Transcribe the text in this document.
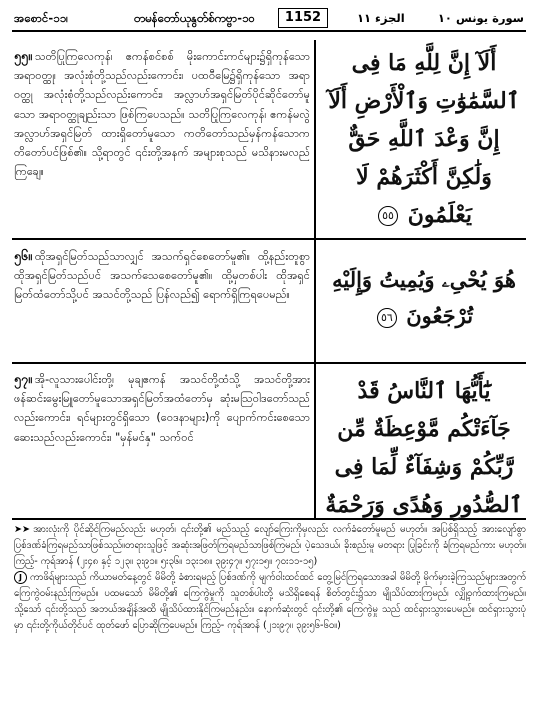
အစောင်-၁၁၊	တမန်တော်ယုနွတ်စ်ကဗ္ဗာ-၁၀	1152	الجزء ١١	سورة يونس ١٠
၅၅။ သတိပြုကြလေကုန်၊ ဧကန်စင်စစ် မိုးကောင်းကင်များ၌ရှိကုန်သော အရာဝတ္ထု၊ အလုံးစုံတို့သည်လည်းကောင်း၊ ပထဝီမြေ၌ရှိကုန်သော အရာဝတ္ထု အလုံးစုံတို့သည်လည်းကောင်း၊ အလ္လာဟ်အရှင်မြတ်ပိုင်ဆိုင်တော်မူသော အရာဝတ္ထုချည်းသာ ဖြစ်ကြပေသည်။ သတိပြုကြလေကုန်၊ ဧကန်မလွဲ အလ္လာဟ်အရှင်မြတ် ထားရှိတော်မူသော ကတိတော်သည်မှန်ကန်သောကတိတော်ပင်ဖြစ်၏။ သို့ရာတွင် ၎င်းတို့အနက် အများစုသည် မသိနားမလည်ကြချေ။
أَلَآ إِنَّ لِلَّهِ مَا فِى ٱلسَّمَٰوَٰتِ وَٱلْأَرْضِ أَلَآ إِنَّ وَعْدَ ٱللَّهِ حَقٌّ وَلَٰكِنَّ أَكْثَرَهُمْ لَا يَعْلَمُونَ ٥٥
၅၆။ ထိုအရှင်မြတ်သည်သာလျှင် အသက်ရှင်စေတော်မူ၏။ ထို့နည်းတူစွာ ထိုအရှင်မြတ်သည်ပင် အသက်သေစေတော်မူ၏။ ထို့မှတစ်ပါး ထိုအရှင်မြတ်ထံတော်သို့ပင် အသင်တို့သည် ပြန်လည်၍ ရောက်ရှိကြရပေမည်။
هُوَ يُحْىِۦ وَيُمِيتُ وَإِلَيْهِ تُرْجَعُونَ ٥٦
၅၇။ အို-လူသားပေါင်းတို့၊ မုချဧကန် အသင်တို့ထံသို့ အသင်တို့အား ဖန်ဆင်းမွေးမြူတော်မူသောအရှင်မြတ်အထံတော်မှ ဆုံးမသြဝါဒတော်သည်လည်းကောင်း၊ ရင်များတွင်ရှိသော (ဝေဒနာများ)ကို ပျောက်ကင်းစေသော ဆေးသည်လည်းကောင်း၊ "မှန်မင်နှ" သက်ဝင်
يَٰٓأَيُّهَا ٱلنَّاسُ قَدْ جَآءَتْكُم مَّوْعِظَةٌ مِّن رَّبِّكُمْ وَشِفَآءٌ لِّمَا فِى ٱلصُّدُورِ وَهُدًى وَرَحْمَةٌ

➤➤ အားလုံးကို ပိုင်ဆိုင်ကြမည်လည်း မဟုတ်၊ ၎င်းတို့၏ မည်သည့် လျော်ကြေးကိုမှလည်း လက်ခံတော်မူမည် မဟုတ်။ အပြစ်ရှိသည့် အားလျော်စွာ ပြစ်ဒဏ်ခံကြရမည်သာဖြစ်သည်။တရားသူဖြင့် အဆုံးအဖြတ်ကြရမည်သာဖြစ်ကြမည်၊ ပဲ့သေဒယ်၊ ခိုးစည်းမူ မတရား ပြုခြင်းကို ခံကြရမည်ကား မဟုတ်။ ကြည့်- ကုရ်အာန် (၂း၄၈ နှင့် ၁၂၃။ ၃း၉၁။ ၅း၃၆။ ၁၃း၁၈။ ၃၉း၄၇။ ၅၇း၁၅။ ၇၀း၁၁-၁၅)

J ကာဖိရ်များသည် ကိယာမတ်နေ့တွင် မိမိတို့ ခံစားရမည့် ပြစ်ဒဏ်ကို မျက်ဝါးထင်ထင် တွေ့မြင်ကြရသောအခါ မိမိတို့ မိုက်မှားခဲ့ကြသည်များအတွက် ကြေကွဲဝမ်းနည်းကြမည်။ ပထမသော် မိမိတို့၏ ကြေကွဲမှုကို သူတစ်ပါးတို့ မသိရှိစေရန် စိတ်တွင်း၌သာ မျိုသိပ်ထားကြမည်၊ လျှို့ဝှက်ထားကြမည်။ သို့သော် ၎င်းတို့သည် အဘယ်အချိန်အထိ မျိုသိပ်ထားနိုင်ကြမည်နည်း။ နောက်ဆုံးတွင် ၎င်းတို့၏ ကြေကွဲမှု သည် ထင်ရှားသွားပေမည်။ ထင်ရှားသွားပုံမှာ ၎င်းတို့ကိုယ်တိုင်ပင် ထုတ်ဖော် ပြောဆိုကြပေမည်။ ကြည့်- ကုရ်အာန် (၂၁း၉၇။ ၃၉း၅၆-၆၀။)
